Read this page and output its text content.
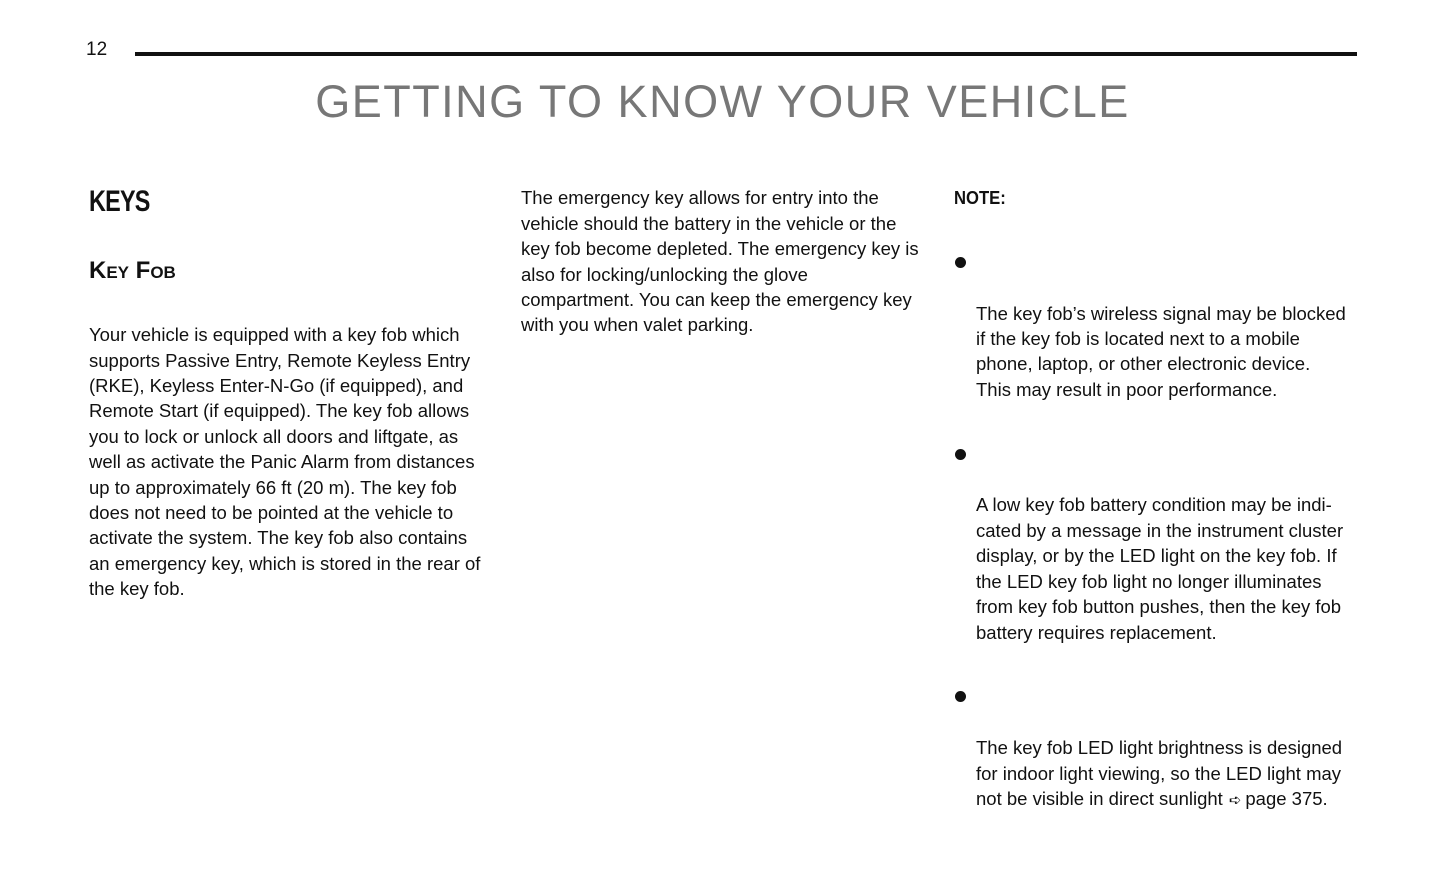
12
GETTING TO KNOW YOUR VEHICLE

KEYS

Key Fob

Your vehicle is equipped with a key fob which
supports Passive Entry, Remote Keyless Entry
(RKE), Keyless Enter-N-Go (if equipped), and
Remote Start (if equipped). The key fob allows
you to lock or unlock all doors and liftgate, as
well as activate the Panic Alarm from distances
up to approximately 66 ft (20 m). The key fob
does not need to be pointed at the vehicle to
activate the system. The key fob also contains
an emergency key, which is stored in the rear of
the key fob.

The emergency key allows for entry into the
vehicle should the battery in the vehicle or the
key fob become depleted. The emergency key is
also for locking/unlocking the glove
compartment. You can keep the emergency key
with you when valet parking.

NOTE:

The key fob’s wireless signal may be blocked
if the key fob is located next to a mobile
phone, laptop, or other electronic device.
This may result in poor performance.

A low key fob battery condition may be indi-
cated by a message in the instrument cluster
display, or by the LED light on the key fob. If
the LED key fob light no longer illuminates
from key fob button pushes, then the key fob
battery requires replacement.

The key fob LED light brightness is designed
for indoor light viewing, so the LED light may
not be visible in direct sunlight ➪ page 375.
